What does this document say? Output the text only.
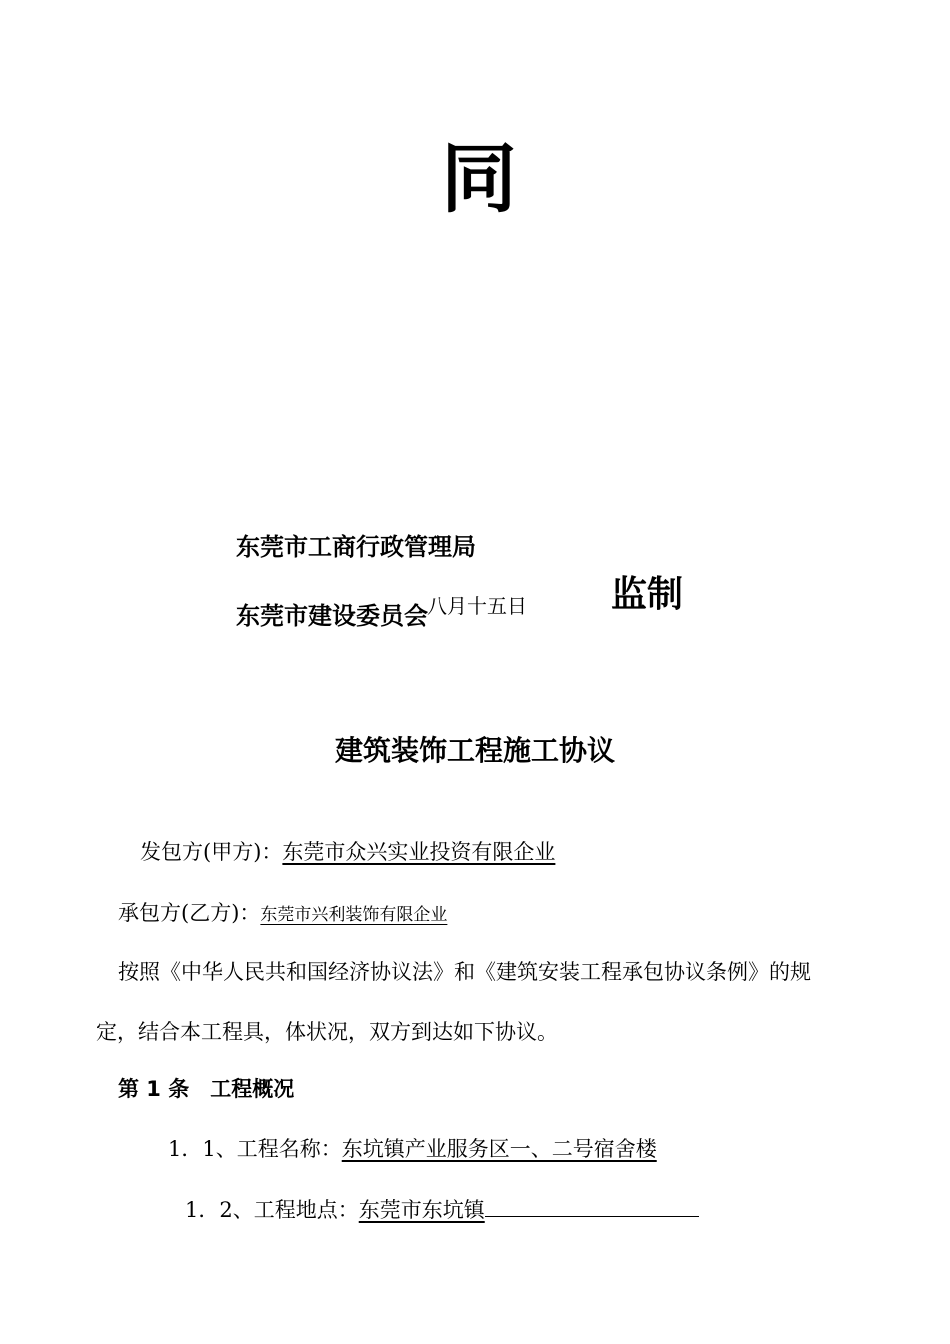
同
东莞市工商行政管理局
东莞市建设委员会 八月十五日 监制
建筑装饰工程施工协议
发包方(甲方)：东莞市众兴实业投资有限企业
承包方(乙方)：东莞市兴利装饰有限企业
按照《中华人民共和国经济协议法》和《建筑安装工程承包协议条例》的规
定，结合本工程具，体状况，双方到达如下协议。
第 1 条　工程概况
1．1、工程名称：东坑镇产业服务区一、二号宿舍楼
1．2、工程地点：东莞市东坑镇
